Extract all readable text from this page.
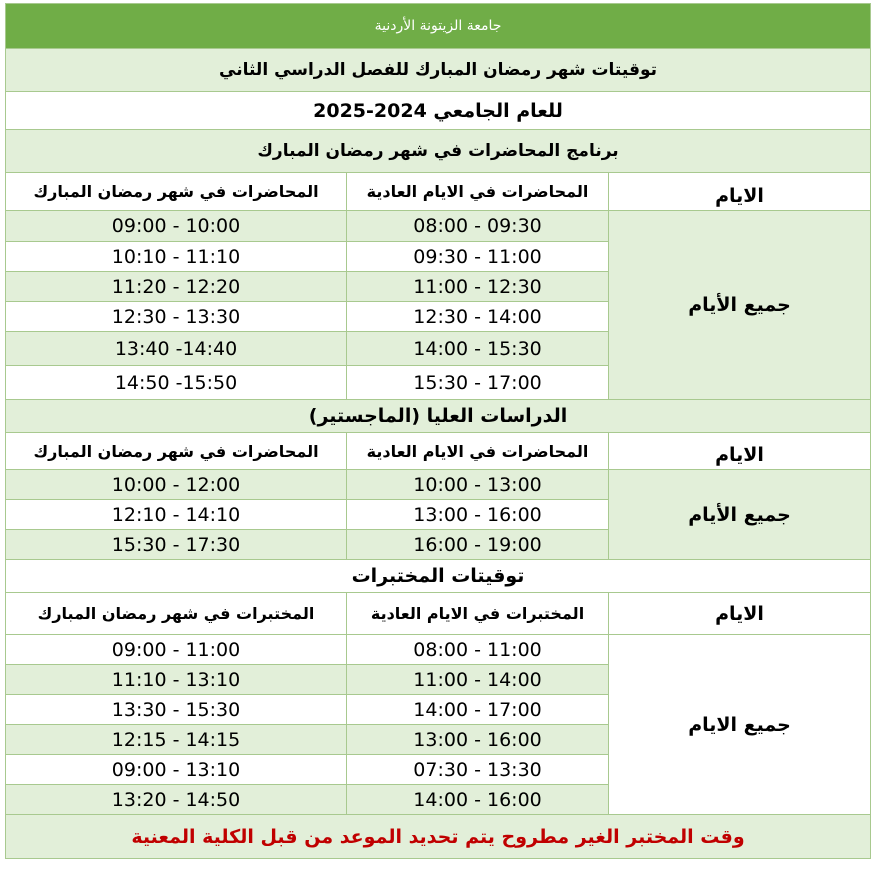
جامعة الزيتونة الأردنية		
توقيتات شهر رمضان المبارك للفصل الدراسي الثاني		
للعام الجامعي 2024-2025		
برنامج المحاضرات في شهر رمضان المبارك		
الايام	المحاضرات في الايام العادية	المحاضرات في شهر رمضان المبارك
جميع الأيام	08:00 - 09:30	09:00 - 10:00
	09:30 - 11:00	10:10 - 11:10
	11:00 - 12:30	11:20 - 12:20
	12:30 - 14:00	12:30 - 13:30
	14:00 - 15:30	13:40 -14:40
	15:30 - 17:00	14:50 -15:50
الدراسات العليا (الماجستير)		
الايام	المحاضرات في الايام العادية	المحاضرات في شهر رمضان المبارك
جميع الأيام	10:00 - 13:00	10:00 - 12:00
	13:00 - 16:00	12:10 - 14:10
	16:00 - 19:00	15:30 - 17:30
توقيتات المختبرات		
الايام	المختبرات في الايام العادية	المختبرات في شهر رمضان المبارك
جميع الايام	08:00 - 11:00	09:00 - 11:00
	11:00 - 14:00	11:10 - 13:10
	14:00 - 17:00	13:30 - 15:30
	13:00 - 16:00	12:15 - 14:15
	07:30 - 13:30	09:00 - 13:10
	14:00 - 16:00	13:20 - 14:50
وقت المختبر الغير مطروح يتم تحديد الموعد من قبل الكلية المعنية		
